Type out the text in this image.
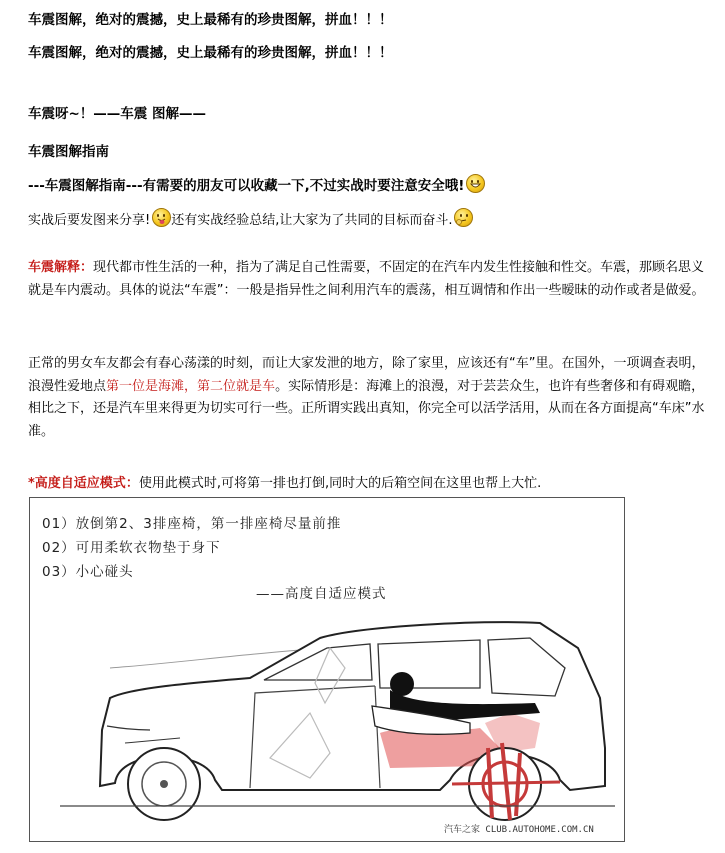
车震图解，绝对的震撼，史上最稀有的珍贵图解，拼血！！！
车震图解，绝对的震撼，史上最稀有的珍贵图解，拼血！！！
车震呀~！——车震 图解——
车震图解指南
---车震图解指南---有需要的朋友可以收藏一下,不过实战时要注意安全哦!
实战后要发图来分享! 还有实战经验总结,让大家为了共同的目标而奋斗.
车震解释：现代都市性生活的一种，指为了满足自己性需要，不固定的在汽车内发生性接触和性交。车震，那顾名思义就是车内震动。具体的说法“车震”：一般是指异性之间利用汽车的震荡，相互调情和作出一些暧昧的动作或者是做爱。
正常的男女车友都会有春心荡漾的时刻，而让大家发泄的地方，除了家里，应该还有“车”里。在国外，一项调查表明，浪漫性爱地点第一位是海滩，第二位就是车。实际情形是：海滩上的浪漫，对于芸芸众生，也许有些奢侈和有碍观瞻，相比之下，还是汽车里来得更为切实可行一些。正所谓实践出真知，你完全可以活学活用，从而在各方面提高“车床”水准。
*高度自适应模式：使用此模式时,可将第一排也打倒,同时大的后箱空间在这里也帮上大忙.
01）放倒第2、3排座椅，第一排座椅尽量前推
02）可用柔软衣物垫于身下
03）小心碰头
——高度自适应模式
汽车之家 CLUB.AUTOHOME.COM.CN
